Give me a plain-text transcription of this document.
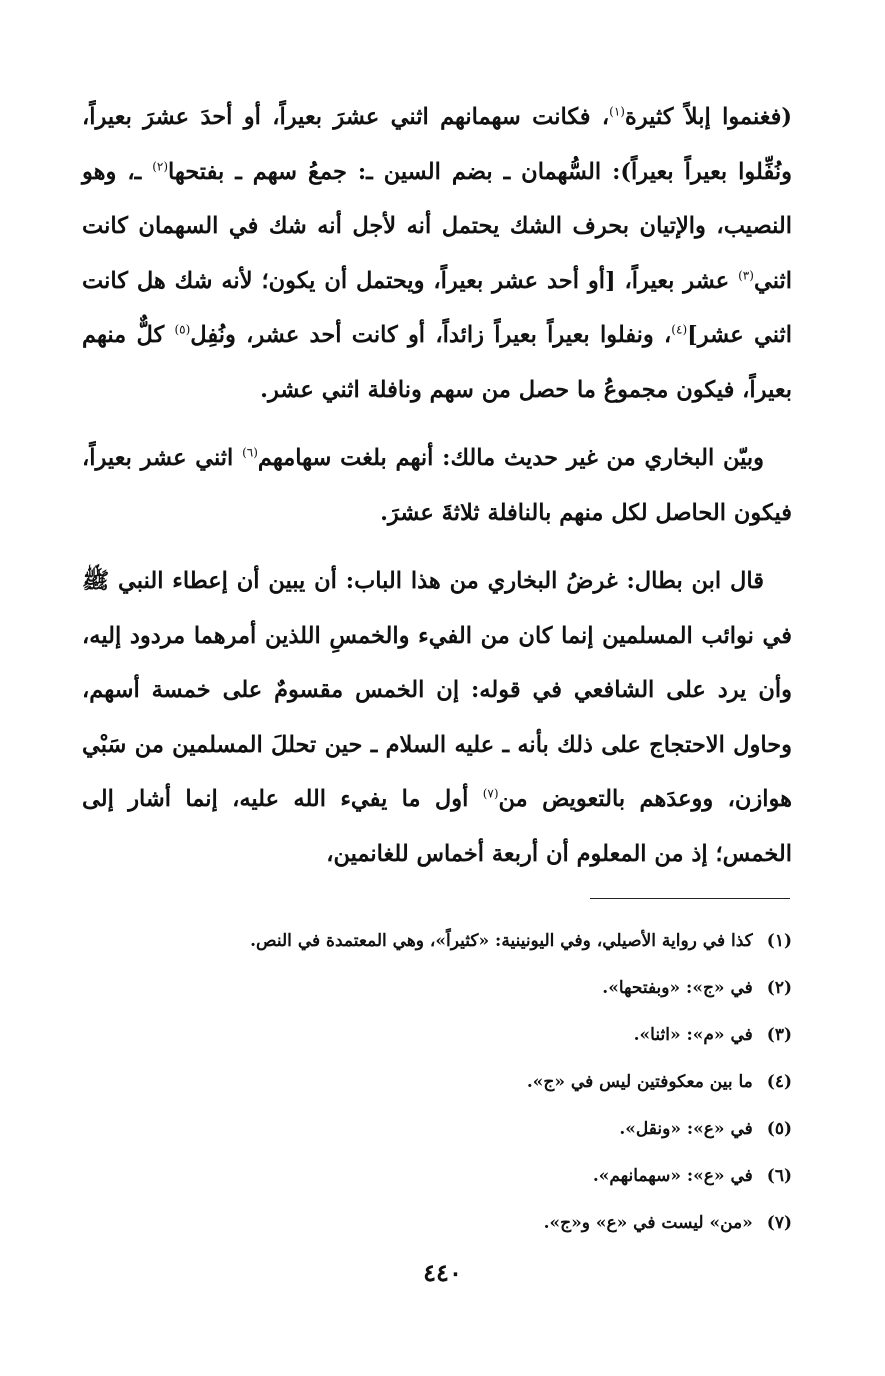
(فغنموا إبلاً كثيرة$^{(١)}$، فكانت سهمانهم اثني عشرَ بعيراً، أو أحدَ عشرَ بعيراً، ونُفِّلوا بعيراً بعيراً): السُّهمان ـ بضم السين ـ: جمعُ سهم ـ بفتحها$^{(٢)}$ ـ، وهو النصيب، والإتيان بحرف الشك يحتمل أنه لأجل أنه شك في السهمان كانت اثني$^{(٣)}$ عشر بعيراً، [أو أحد عشر بعيراً، ويحتمل أن يكون؛ لأنه شك هل كانت اثني عشر]$^{(٤)}$، ونفلوا بعيراً بعيراً زائداً، أو كانت أحد عشر، ونُفِل$^{(٥)}$ كلٌّ منهم بعيراً، فيكون مجموعُ ما حصل من سهم ونافلة اثني عشر.

وبيّن البخاري من غير حديث مالك: أنهم بلغت سهامهم$^{(٦)}$ اثني عشر بعيراً، فيكون الحاصل لكل منهم بالنافلة ثلاثةَ عشرَ.

قال ابن بطال: غرضُ البخاري من هذا الباب: أن يبين أن إعطاء النبي ﷺ في نوائب المسلمين إنما كان من الفيء والخمسِ اللذين أمرهما مردود إليه، وأن يرد على الشافعي في قوله: إن الخمس مقسومٌ على خمسة أسهم، وحاول الاحتجاج على ذلك بأنه ـ عليه السلام ـ حين تحللَ المسلمين من سَبْي هوازن، ووعدَهم بالتعويض من$^{(٧)}$ أول ما يفيء الله عليه، إنما أشار إلى الخمس؛ إذ من المعلوم أن أربعة أخماس للغانمين،

(١)كذا في رواية الأصيلي، وفي اليونينية: «كثيراً»، وهي المعتمدة في النص.
(٢)في «ج»: «وبفتحها».
(٣)في «م»: «اثنا».
(٤)ما بين معكوفتين ليس في «ج».
(٥)في «ع»: «ونقل».
(٦)في «ع»: «سهمانهم».
(٧)«من» ليست في «ع» و«ج».
٤٤٠
